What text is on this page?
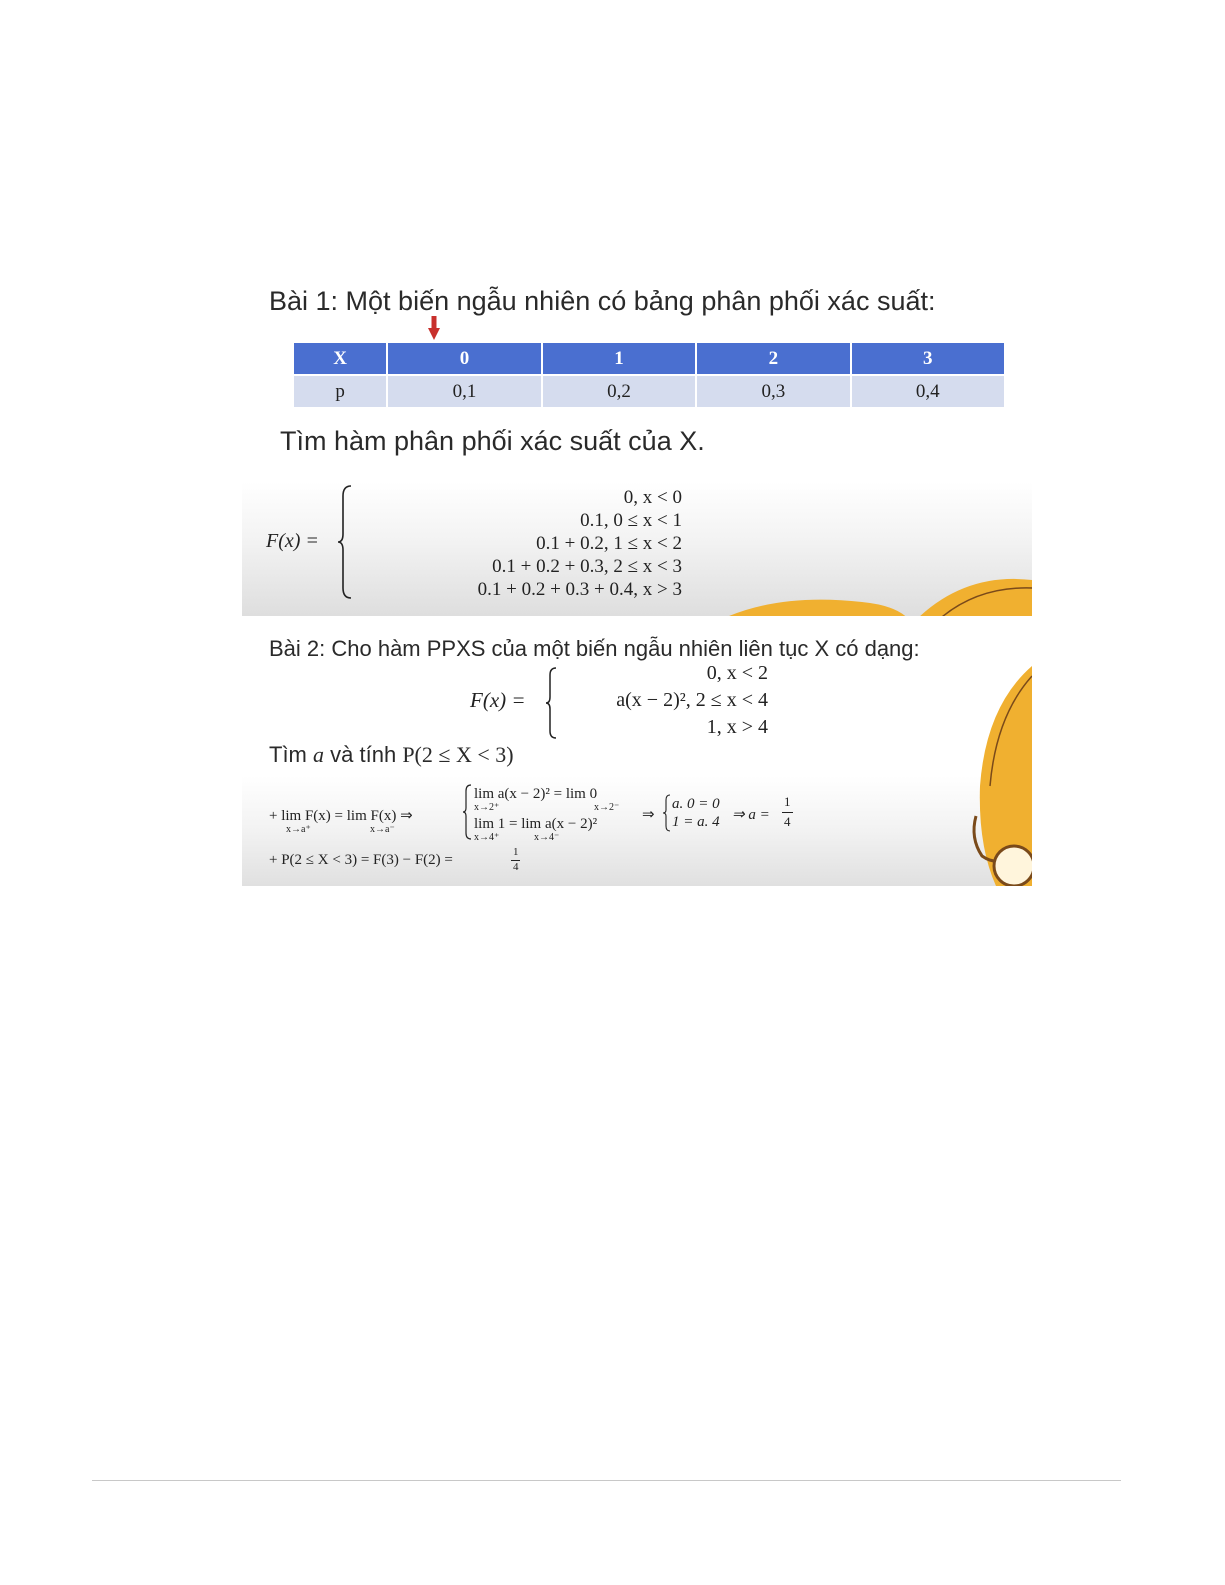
Bài 1: Một biến ngẫu nhiên có bảng phân phối xác suất:
X	0	1	2	3
p	0,1	0,2	0,3	0,4
Tìm hàm phân phối xác suất của X.
F(x) =
0, x < 0
0.1, 0 ≤ x < 1
0.1 + 0.2, 1 ≤ x < 2
0.1 + 0.2 + 0.3, 2 ≤ x < 3
0.1 + 0.2 + 0.3 + 0.4, x > 3
Bài 2: Cho hàm PPXS của một biến ngẫu nhiên liên tục X có dạng:
F(x) =
0, x < 2
a(x − 2)², 2 ≤ x < 4
1, x > 4
Tìm a và tính P(2 ≤ X < 3)
+ lim F(x) = lim F(x) ⇒
x→a⁺	x→a⁻
lim a(x − 2)² = lim 0
x→2⁺	x→2⁻
lim 1 = lim a(x − 2)²
x→4⁺	x→4⁻
⇒
a. 0 = 0
1 = a. 4 ⇒ a =
1
4
+ P(2 ≤ X < 3) = F(3) − F(2) =	1
4
